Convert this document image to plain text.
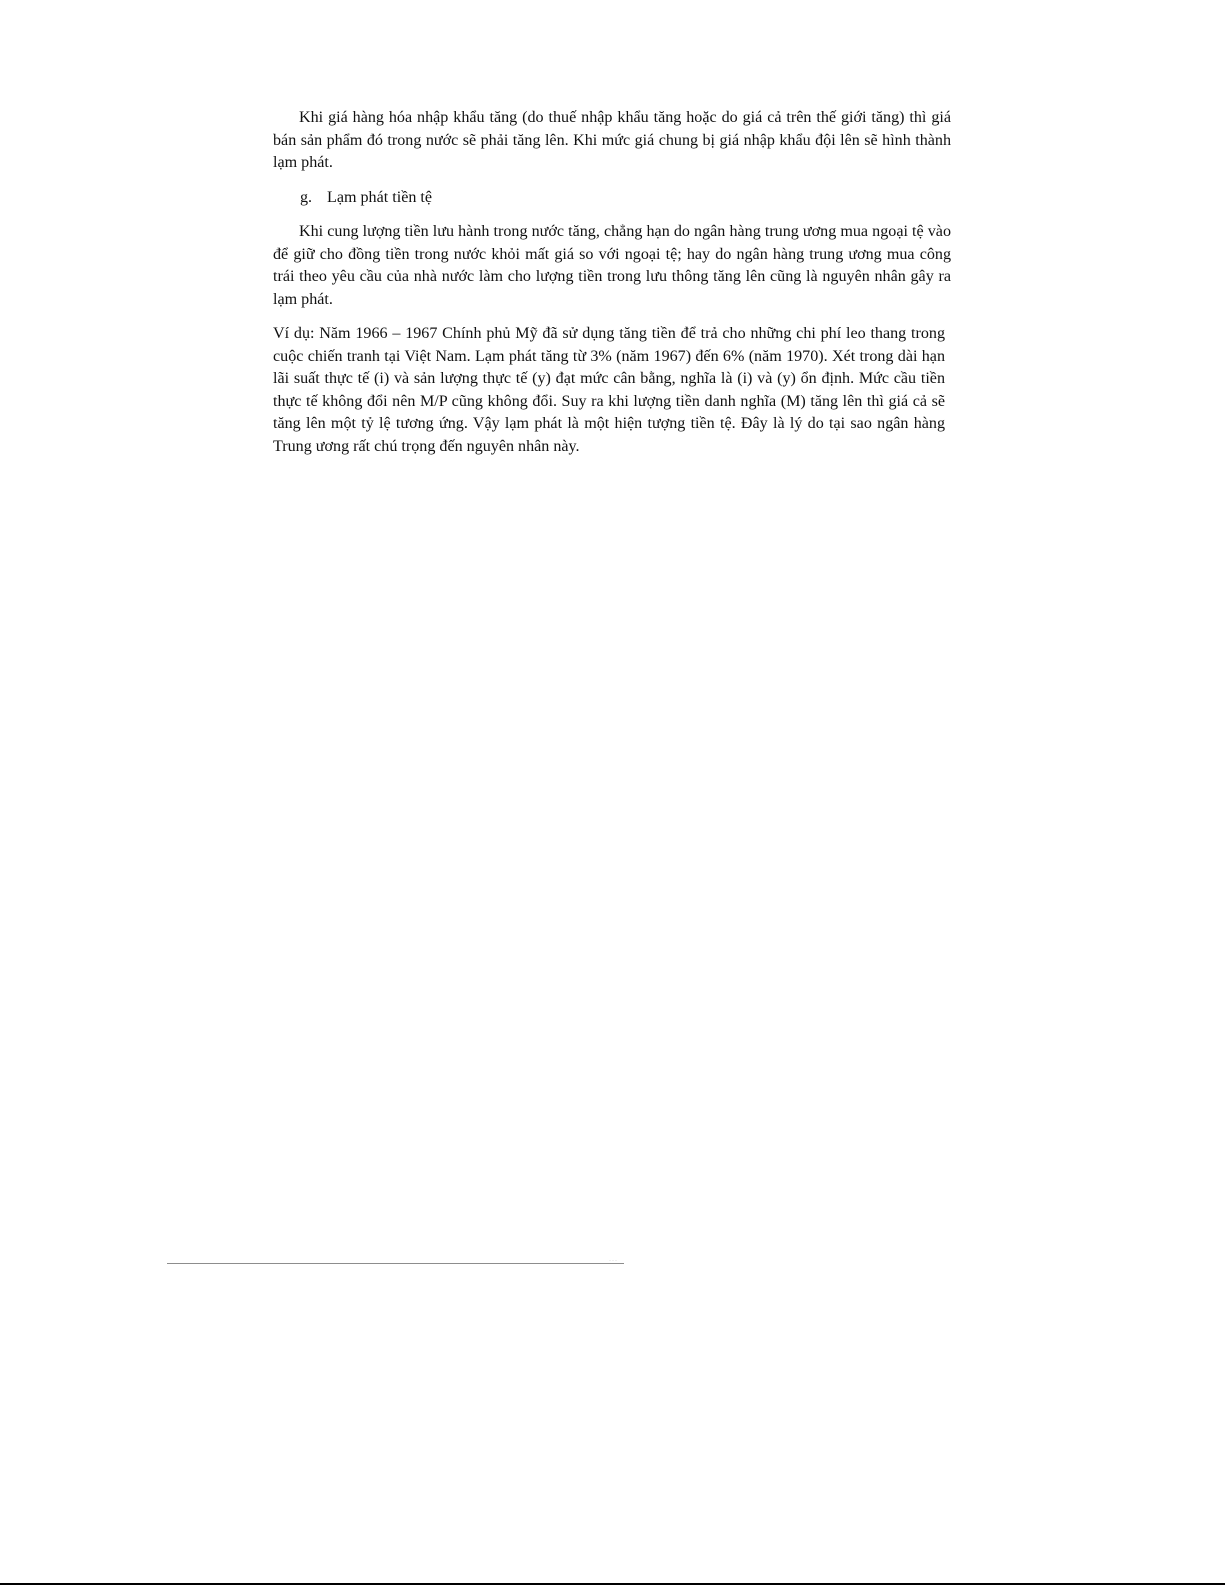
Khi giá hàng hóa nhập khẩu tăng (do thuế nhập khẩu tăng hoặc do giá cả trên thế giới tăng) thì giá bán sản phẩm đó trong nước sẽ phải tăng lên. Khi mức giá chung bị giá nhập khẩu đội lên sẽ hình thành lạm phát.

g. Lạm phát tiền tệ

Khi cung lượng tiền lưu hành trong nước tăng, chẳng hạn do ngân hàng trung ương mua ngoại tệ vào để giữ cho đồng tiền trong nước khỏi mất giá so với ngoại tệ; hay do ngân hàng trung ương mua công trái theo yêu cầu của nhà nước làm cho lượng tiền trong lưu thông tăng lên cũng là nguyên nhân gây ra lạm phát.

Ví dụ: Năm 1966 – 1967 Chính phủ Mỹ đã sử dụng tăng tiền để trả cho những chi phí leo thang trong cuộc chiến tranh tại Việt Nam. Lạm phát tăng từ 3% (năm 1967) đến 6% (năm 1970). Xét trong dài hạn lãi suất thực tế (i) và sản lượng thực tế (y) đạt mức cân bằng, nghĩa là (i) và (y) ổn định. Mức cầu tiền thực tế không đổi nên M/P cũng không đổi. Suy ra khi lượng tiền danh nghĩa (M) tăng lên thì giá cả sẽ tăng lên một tỷ lệ tương ứng. Vậy lạm phát là một hiện tượng tiền tệ. Đây là lý do tại sao ngân hàng Trung ương rất chú trọng đến nguyên nhân này.

···
